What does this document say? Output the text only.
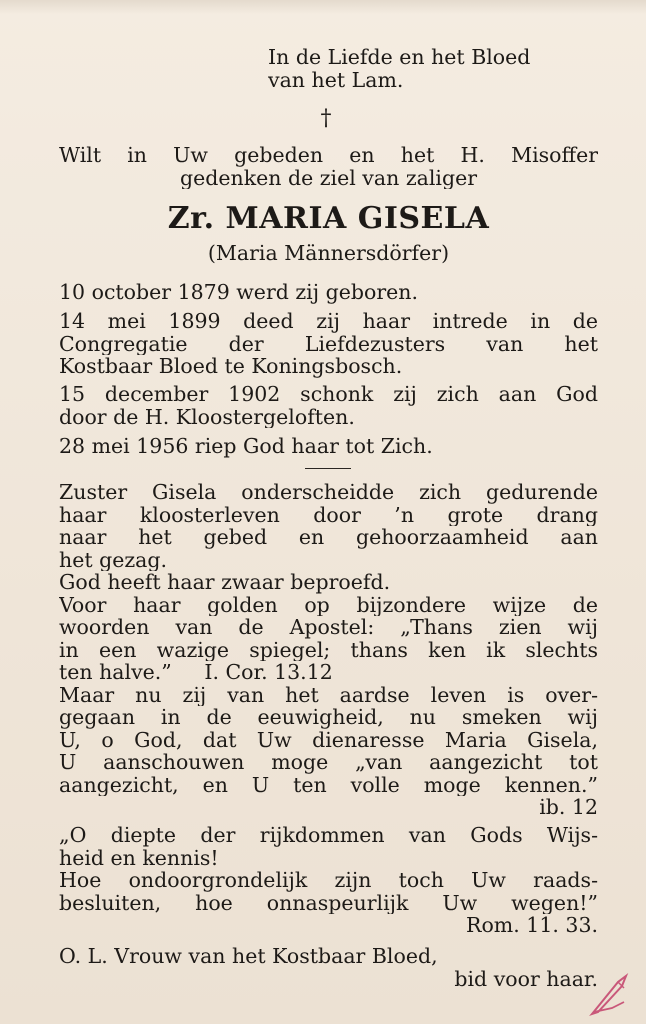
In de Liefde en het Bloed
van het Lam.
†
Wilt in Uw gebeden en het H. Misoffer
gedenken de ziel van zaliger
Zr. MARIA GISELA
(Maria Männersdörfer)
10 october 1879 werd zij geboren.
14 mei 1899 deed zij haar intrede in de
Congregatie der Liefdezusters van het
Kostbaar Bloed te Koningsbosch.
15 december 1902 schonk zij zich aan God
door de H. Kloostergeloften.
28 mei 1956 riep God haar tot Zich.
Zuster Gisela onderscheidde zich gedurende
haar kloosterleven door ’n grote drang
naar het gebed en gehoorzaamheid aan
het gezag.
God heeft haar zwaar beproefd.
Voor haar golden op bijzondere wijze de
woorden van de Apostel: „Thans zien wij
in een wazige spiegel; thans ken ik slechts
ten halve.”     I. Cor. 13.12
Maar nu zij van het aardse leven is over-
gegaan in de eeuwigheid, nu smeken wij
U, o God, dat Uw dienaresse Maria Gisela,
U aanschouwen moge „van aangezicht tot
aangezicht, en U ten volle moge kennen.”
ib. 12
„O diepte der rijkdommen van Gods Wijs-
heid en kennis!
Hoe ondoorgrondelijk zijn toch Uw raads-
besluiten, hoe onnaspeurlijk Uw wegen!”
Rom. 11. 33.
O. L. Vrouw van het Kostbaar Bloed,
bid voor haar.
